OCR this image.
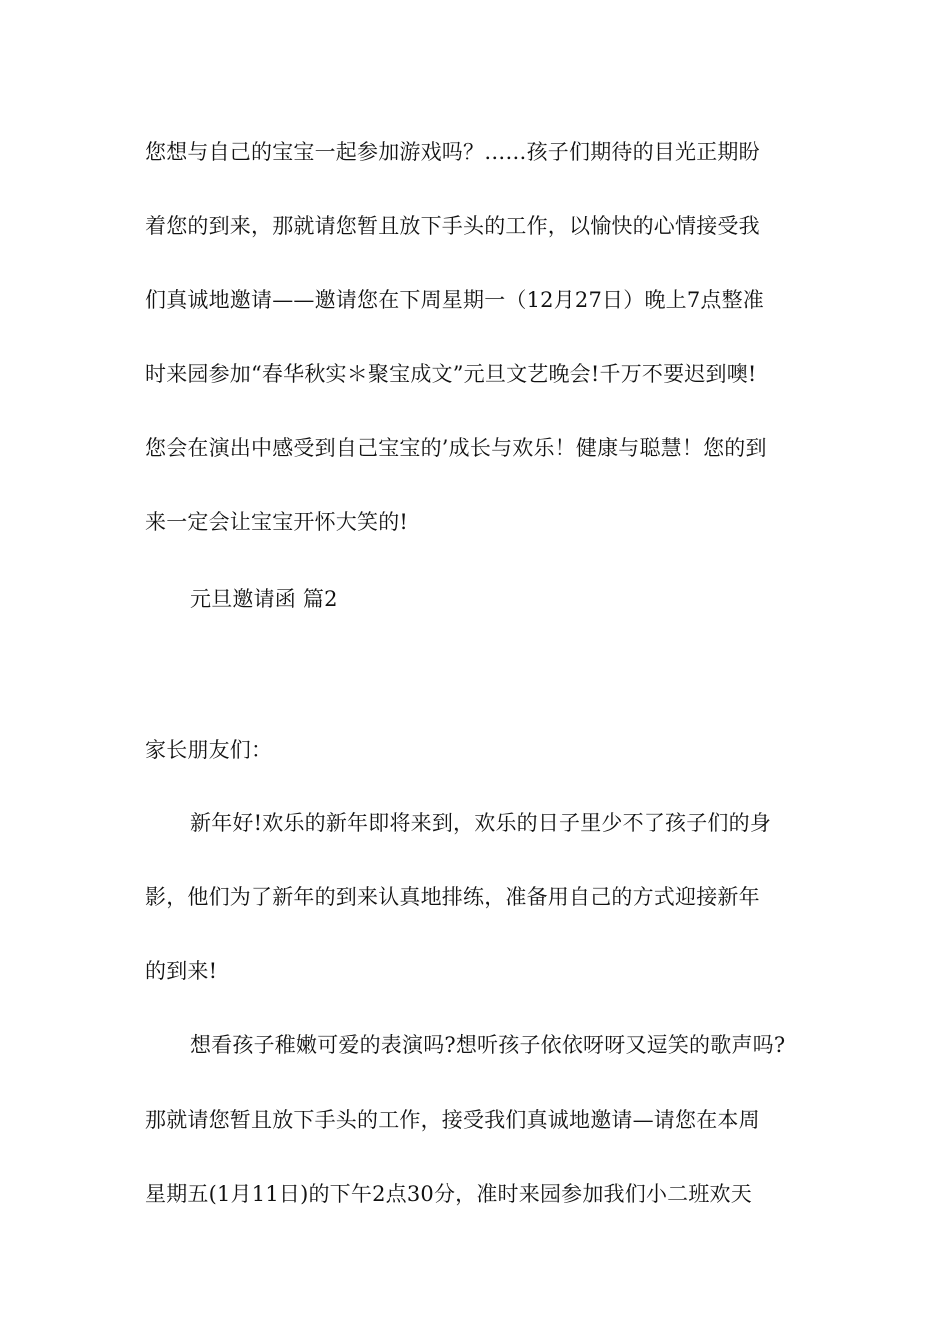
您想与自己的宝宝一起参加游戏吗？……孩子们期待的目光正期盼
着您的到来，那就请您暂且放下手头的工作，以愉快的心情接受我
们真诚地邀请——邀请您在下周星期一（12月27日）晚上7点整准
时来园参加“春华秋实＊聚宝成文”元旦文艺晚会!千万不要迟到噢!
您会在演出中感受到自己宝宝的’成长与欢乐！健康与聪慧！您的到
来一定会让宝宝开怀大笑的!
元旦邀请函 篇2
家长朋友们：
新年好!欢乐的新年即将来到，欢乐的日子里少不了孩子们的身
影，他们为了新年的到来认真地排练，准备用自己的方式迎接新年
的到来!
想看孩子稚嫩可爱的表演吗?想听孩子依依呀呀又逗笑的歌声吗?
那就请您暂且放下手头的工作，接受我们真诚地邀请—请您在本周
星期五(1月11日)的下午2点30分，准时来园参加我们小二班欢天
